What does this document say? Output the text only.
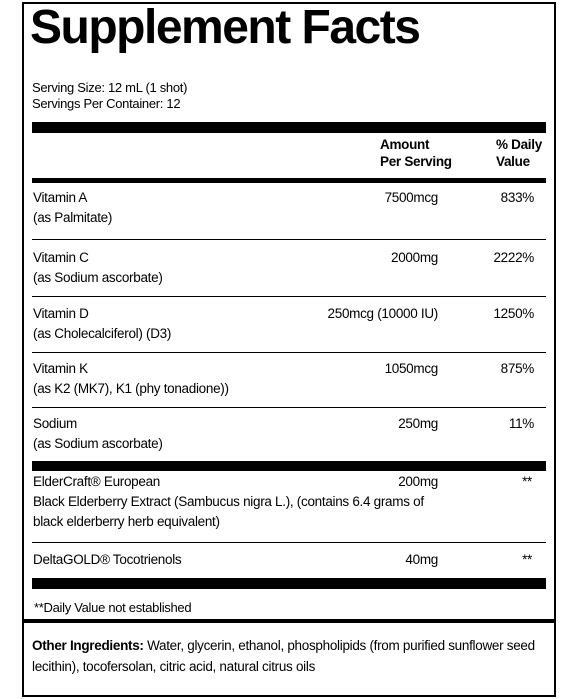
Supplement Facts
Serving Size: 12 mL (1 shot)
Servings Per Container: 12
Amount
Per Serving
% Daily
Value
Vitamin A
(as Palmitate)
7500mcg	833%
Vitamin C
(as Sodium ascorbate)
2000mg	2222%
Vitamin D
(as Cholecalciferol) (D3)
250mcg (10000 IU)	1250%
Vitamin K
(as K2 (MK7), K1 (phy tonadione))
1050mcg	875%
Sodium
(as Sodium ascorbate)
250mg	11%
ElderCraft® European
Black Elderberry Extract (Sambucus nigra L.), (contains 6.4 grams of
black elderberry herb equivalent)
200mg	**
DeltaGOLD® Tocotrienols	40mg	**
**Daily Value not established
Other Ingredients: Water, glycerin, ethanol, phospholipids (from purified sunflower seed lecithin), tocofersolan, citric acid, natural citrus oils
